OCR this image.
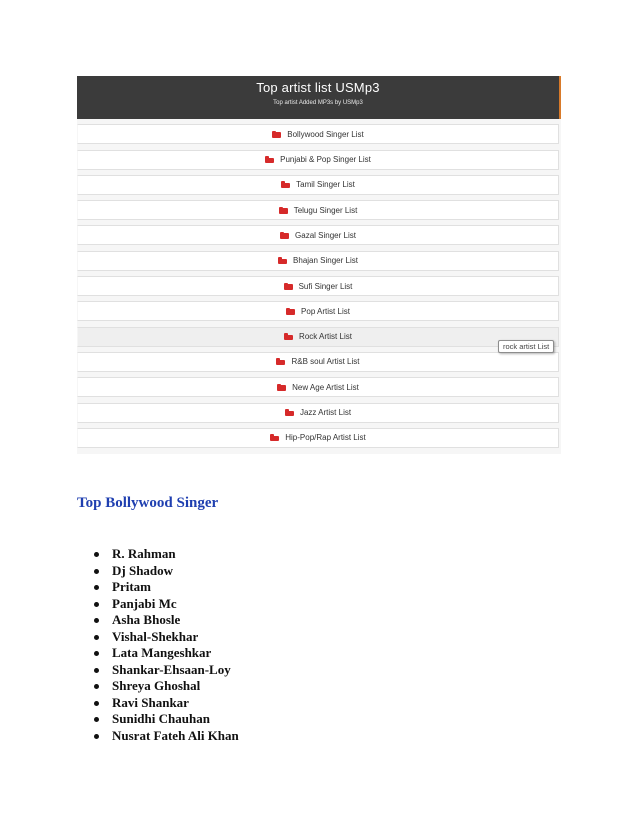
Top artist list USMp3
Top artist Added MP3s by USMp3
Bollywood Singer List
Punjabi & Pop Singer List
Tamil Singer List
Telugu Singer List
Gazal Singer List
Bhajan Singer List
Sufi Singer List
Pop Artist List
Rock Artist List
R&B soul Artist List
New Age Artist List
Jazz Artist List
Hip-Pop/Rap Artist List
rock artist List
Top Bollywood Singer
R. Rahman
Dj Shadow
Pritam
Panjabi Mc
Asha Bhosle
Vishal-Shekhar
Lata Mangeshkar
Shankar-Ehsaan-Loy
Shreya Ghoshal
Ravi Shankar
Sunidhi Chauhan
Nusrat Fateh Ali Khan
